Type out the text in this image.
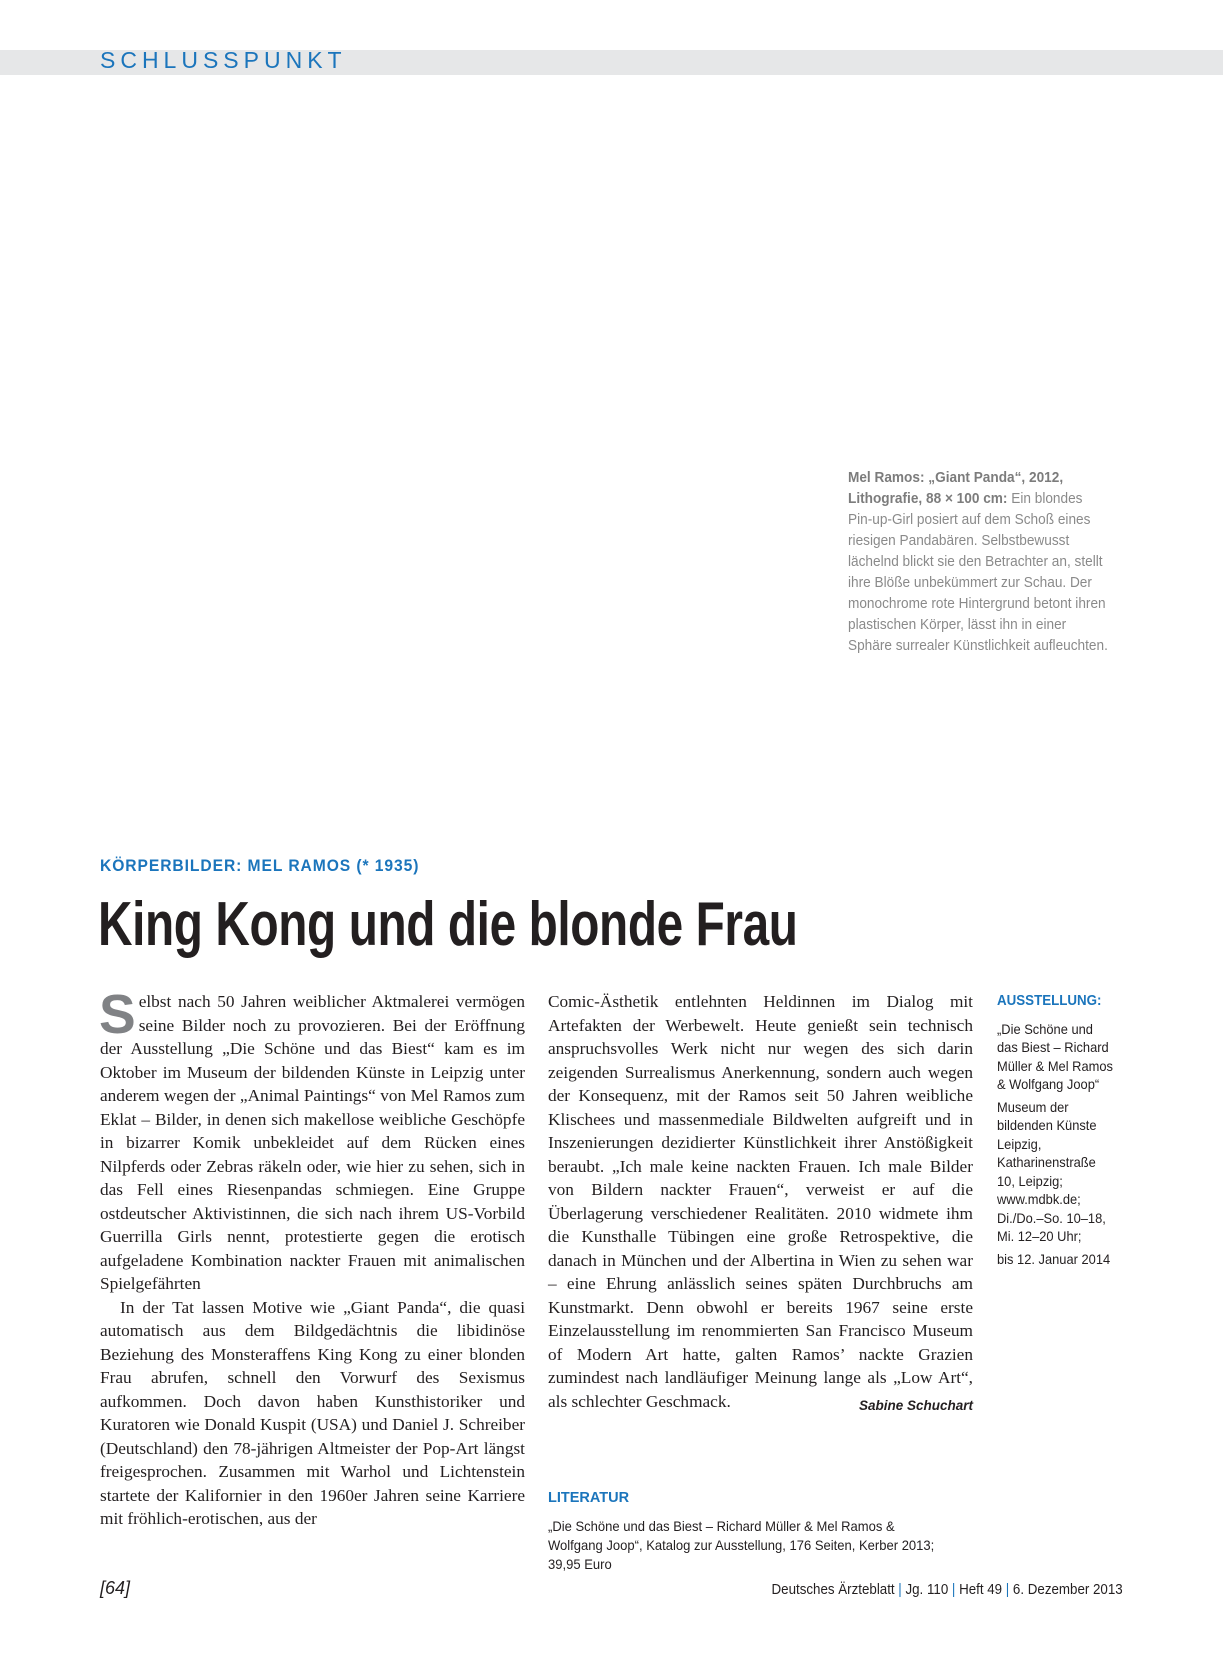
SCHLUSSPUNKT
Mel Ramos: „Giant Panda“, 2012, Lithografie, 88 × 100 cm: Ein blondes Pin-up-Girl posiert auf dem Schoß eines riesigen Pandabären. Selbstbewusst lächelnd blickt sie den Betrachter an, stellt ihre Blöße unbekümmert zur Schau. Der monochrome rote Hintergrund betont ihren plastischen Körper, lässt ihn in einer Sphäre surrealer Künstlichkeit aufleuchten.
KÖRPERBILDER: MEL RAMOS (* 1935)
King Kong und die blonde Frau

Selbst nach 50 Jahren weiblicher Aktmalerei vermögen seine Bilder noch zu provozieren. Bei der Eröffnung der Ausstellung „Die Schöne und das Biest“ kam es im Oktober im Museum der bildenden Künste in Leipzig unter anderem wegen der „Animal Paintings“ von Mel Ramos zum Eklat – Bilder, in denen sich makellose weibliche Geschöpfe in bizarrer Komik unbekleidet auf dem Rücken eines Nilpferds oder Zebras räkeln oder, wie hier zu sehen, sich in das Fell eines Riesenpandas schmiegen. Eine Gruppe ostdeutscher Aktivistinnen, die sich nach ihrem US-Vorbild Guerrilla Girls nennt, protestierte gegen die erotisch aufgeladene Kombination nackter Frauen mit animalischen Spielgefährten

In der Tat lassen Motive wie „Giant Panda“, die quasi automatisch aus dem Bildgedächtnis die libidinöse Beziehung des Monsteraffens King Kong zu einer blonden Frau abrufen, schnell den Vorwurf des Sexismus aufkommen. Doch davon haben Kunsthistoriker und Kuratoren wie Donald Kuspit (USA) und Daniel J. Schreiber (Deutschland) den 78-jährigen Altmeister der Pop-Art längst freigesprochen. Zusammen mit Warhol und Lichtenstein startete der Kalifornier in den 1960er Jahren seine Karriere mit fröhlich-erotischen, aus der

Comic-Ästhetik entlehnten Heldinnen im Dialog mit Artefakten der Werbewelt. Heute genießt sein technisch anspruchsvolles Werk nicht nur wegen des sich darin zeigenden Surrealismus Anerkennung, sondern auch wegen der Konsequenz, mit der Ramos seit 50 Jahren weibliche Klischees und massenmediale Bildwelten aufgreift und in Inszenierungen dezidierter Künstlichkeit ihrer Anstößigkeit beraubt. „Ich male keine nackten Frauen. Ich male Bilder von Bildern nackter Frauen“, verweist er auf die Überlagerung verschiedener Realitäten. 2010 widmete ihm die Kunsthalle Tübingen eine große Retrospektive, die danach in München und der Albertina in Wien zu sehen war – eine Ehrung anlässlich seines späten Durchbruchs am Kunstmarkt. Denn obwohl er bereits 1967 seine erste Einzelausstellung im renommierten San Francisco Museum of Modern Art hatte, galten Ramos’ nackte Grazien zumindest nach landläufiger Meinung lange als „Low Art“, als schlechter Geschmack.	Sabine Schuchart

LITERATUR
„Die Schöne und das Biest – Richard Müller & Mel Ramos & Wolfgang Joop“, Katalog zur Ausstellung, 176 Seiten, Kerber 2013; 39,95 Euro
AUSSTELLUNG:

„Die Schöne und das Biest – Richard Müller & Mel Ramos & Wolfgang Joop“

Museum der bildenden Künste Leipzig, Katharinenstraße 10, Leipzig; www.mdbk.de; Di./Do.–So. 10–18, Mi. 12–20 Uhr;

bis 12. Januar 2014

[64]	Deutsches Ärzteblatt | Jg. 110 | Heft 49 | 6. Dezember 2013
